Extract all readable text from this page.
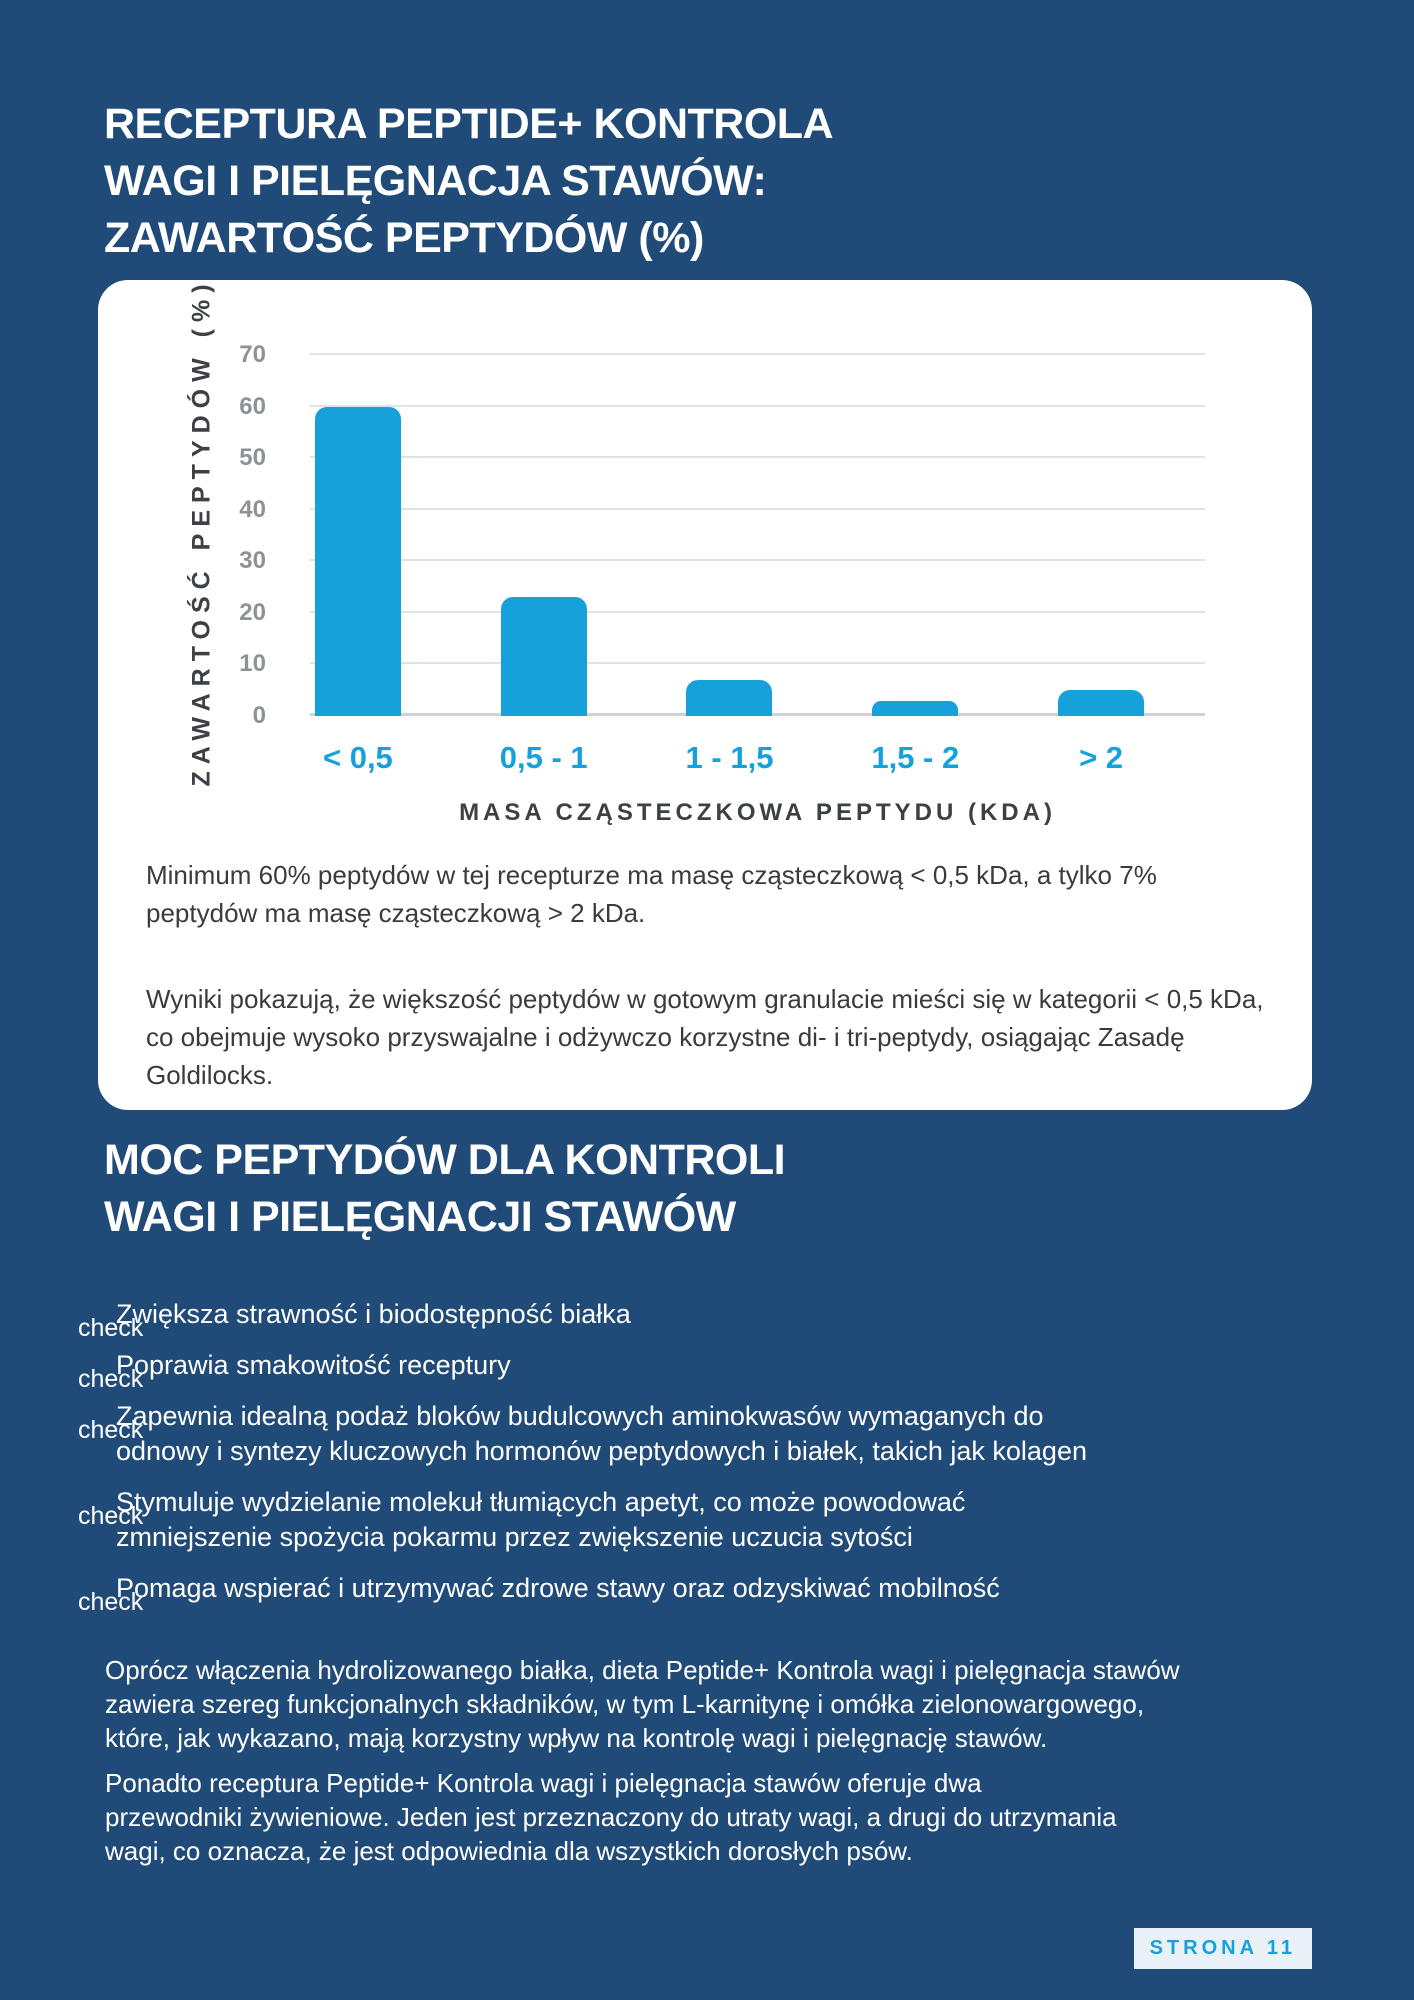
RECEPTURA PEPTIDE+ KONTROLA
WAGI I PIELĘGNACJA STAWÓW:
ZAWARTOŚĆ PEPTYDÓW (%)
ZAWARTOŚĆ PEPTYDÓW (%) 0
10
20
30
40
50
60
70
< 0,5	0,5 - 1	1 - 1,5	1,5 - 2	> 2
MASA CZĄSTECZKOWA PEPTYDU (KDA)
Minimum 60% peptydów w tej recepturze ma masę cząsteczkową < 0,5 kDa, a tylko 7%
peptydów ma masę cząsteczkową > 2 kDa.
Wyniki pokazują, że większość peptydów w gotowym granulacie mieści się w kategorii < 0,5 kDa,
co obejmuje wysoko przyswajalne i odżywczo korzystne di- i tri-peptydy, osiągając Zasadę
Goldilocks.
MOC PEPTYDÓW DLA KONTROLI
WAGI I PIELĘGNACJI STAWÓW
check
Zwiększa strawność i biodostępność białka
check
Poprawia smakowitość receptury
check
Zapewnia idealną podaż bloków budulcowych aminokwasów wymaganych do
odnowy i syntezy kluczowych hormonów peptydowych i białek, takich jak kolagen
check
Stymuluje wydzielanie molekuł tłumiących apetyt, co może powodować
zmniejszenie spożycia pokarmu przez zwiększenie uczucia sytości
check
Pomaga wspierać i utrzymywać zdrowe stawy oraz odzyskiwać mobilność
Oprócz włączenia hydrolizowanego białka, dieta Peptide+ Kontrola wagi i pielęgnacja stawów
zawiera szereg funkcjonalnych składników, w tym L-karnitynę i omółka zielonowargowego,
które, jak wykazano, mają korzystny wpływ na kontrolę wagi i pielęgnację stawów.
Ponadto receptura Peptide+ Kontrola wagi i pielęgnacja stawów oferuje dwa
przewodniki żywieniowe. Jeden jest przeznaczony do utraty wagi, a drugi do utrzymania
wagi, co oznacza, że jest odpowiednia dla wszystkich dorosłych psów.
STRONA 11
